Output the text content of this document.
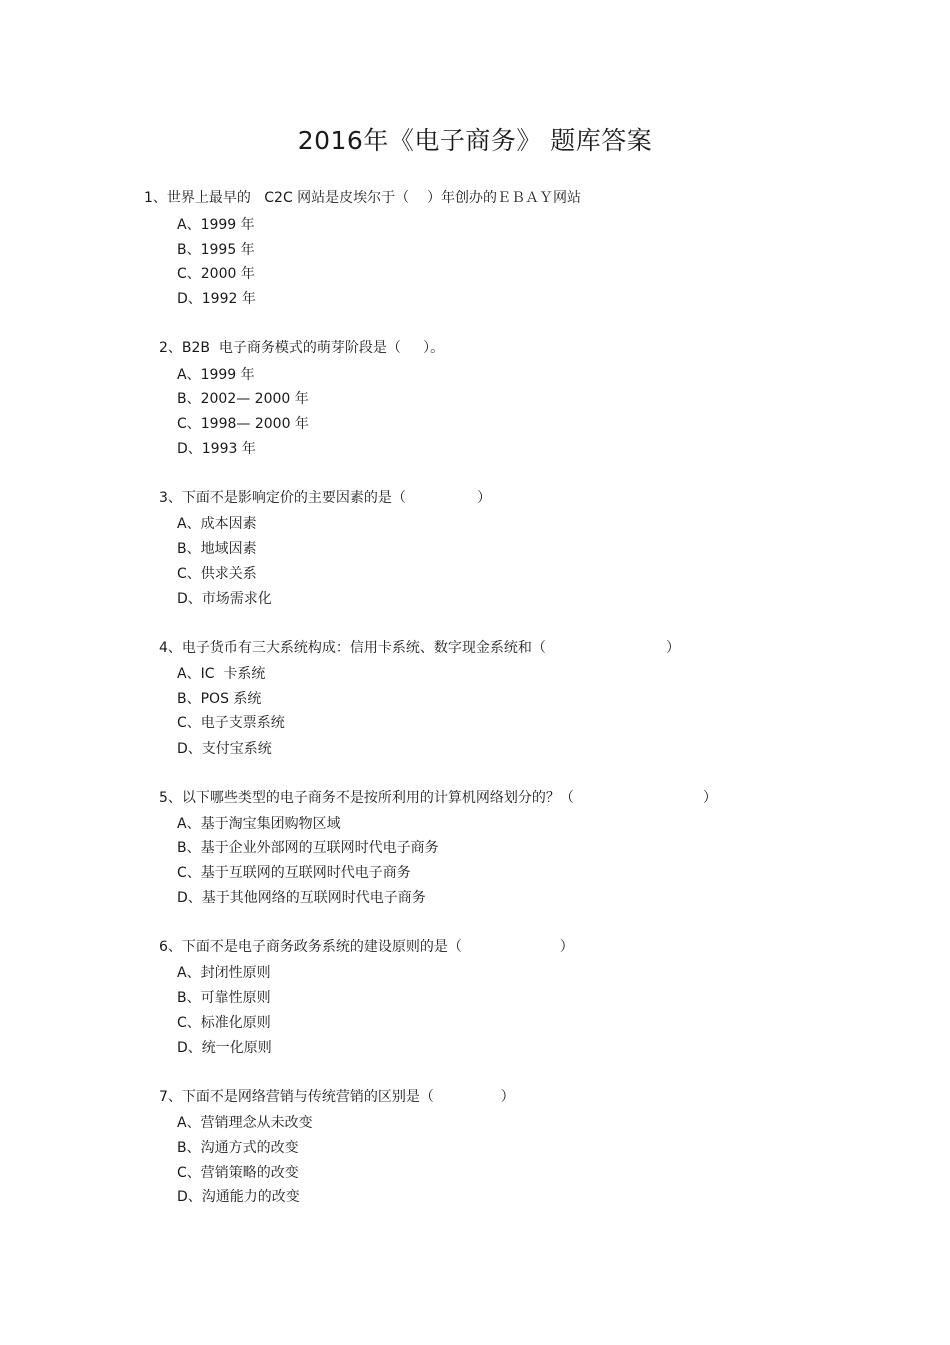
2016年《电子商务》 题库答案
1、世界上最早的   C2C 网站是皮埃尔于（    ）年创办的ＥＢＡＹ网站
A、1999 年
B、1995 年
C、2000 年
D、1992 年
2、B2B  电子商务模式的萌芽阶段是（     ）。
A、1999 年
B、2002— 2000 年
C、1998— 2000 年
D、1993 年
3、下面不是影响定价的主要因素的是（                ）
A、成本因素
B、地域因素
C、供求关系
D、市场需求化
4、电子货币有三大系统构成：信用卡系统、数字现金系统和（                           ）
A、IC  卡系统
B、POS 系统
C、电子支票系统
D、支付宝系统
5、以下哪些类型的电子商务不是按所利用的计算机网络划分的？（                             ）
A、基于淘宝集团购物区域
B、基于企业外部网的互联网时代电子商务
C、基于互联网的互联网时代电子商务
D、基于其他网络的互联网时代电子商务
6、下面不是电子商务政务系统的建设原则的是（                      ）
A、封闭性原则
B、可靠性原则
C、标准化原则
D、统一化原则
7、下面不是网络营销与传统营销的区别是（               ）
A、营销理念从未改变
B、沟通方式的改变
C、营销策略的改变
D、沟通能力的改变
